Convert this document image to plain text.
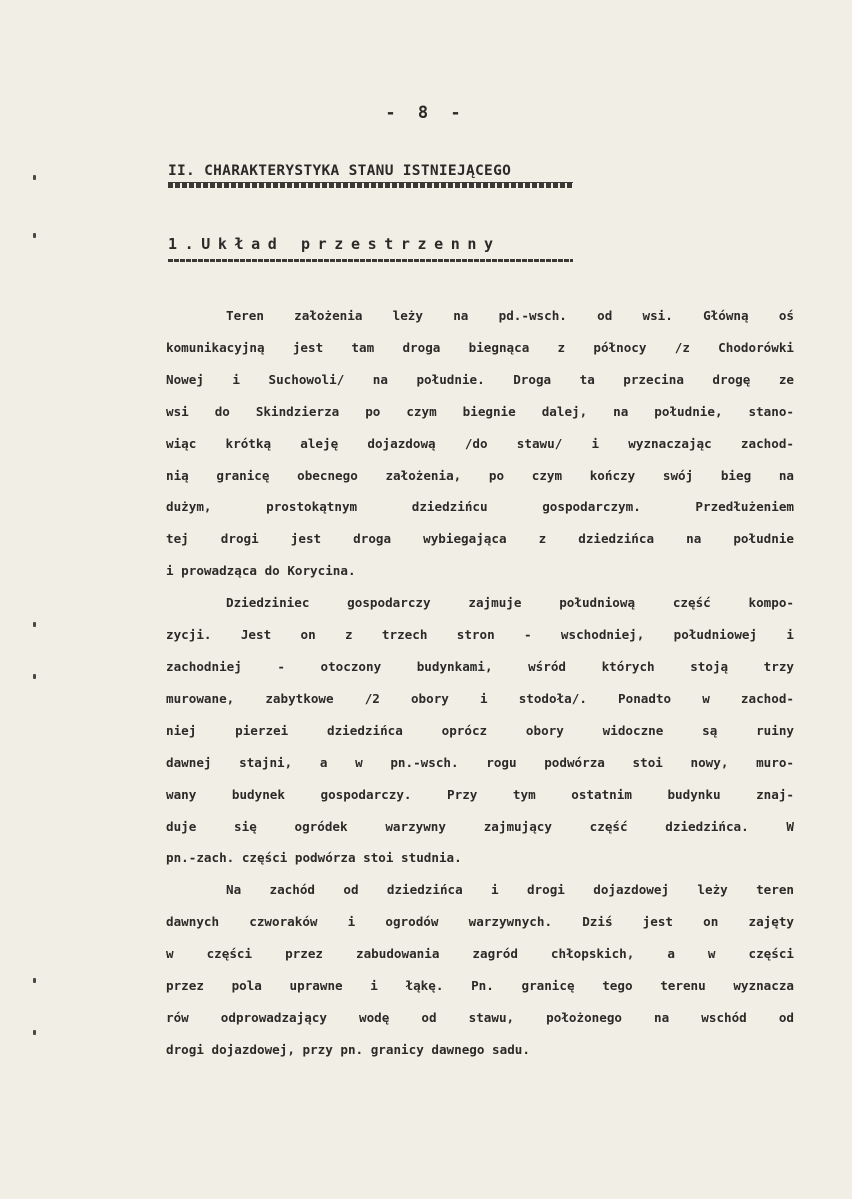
- 8 -
II. CHARAKTERYSTYKA STANU ISTNIEJĄCEGO
1.Układ przestrzenny

Teren założenia leży na pd.-wsch. od wsi. Główną oś
komunikacyjną jest tam droga biegnąca z północy /z Chodorówki
Nowej i Suchowoli/ na południe. Droga ta przecina drogę ze
wsi do Skindzierza po czym biegnie dalej, na południe, stano-
wiąc krótką aleję dojazdową /do stawu/ i wyznaczając zachod-
nią granicę obecnego założenia, po czym kończy swój bieg na
dużym, prostokątnym dziedzińcu gospodarczym. Przedłużeniem
tej drogi jest droga wybiegająca z dziedzińca na południe
i prowadząca do Korycina.

Dziedziniec gospodarczy zajmuje południową część kompo-
zycji. Jest on z trzech stron - wschodniej, południowej i
zachodniej - otoczony budynkami, wśród których stoją trzy
murowane, zabytkowe /2 obory i stodoła/. Ponadto w zachod-
niej pierzei dziedzińca oprócz obory widoczne są ruiny
dawnej stajni, a w pn.-wsch. rogu podwórza stoi nowy, muro-
wany budynek gospodarczy. Przy tym ostatnim budynku znaj-
duje się ogródek warzywny zajmujący część dziedzińca. W
pn.-zach. części podwórza stoi studnia.

Na zachód od dziedzińca i drogi dojazdowej leży teren
dawnych czworaków i ogrodów warzywnych. Dziś jest on zajęty
w części przez zabudowania zagród chłopskich, a w części
przez pola uprawne i łąkę. Pn. granicę tego terenu wyznacza
rów odprowadzający wodę od stawu, położonego na wschód od
drogi dojazdowej, przy pn. granicy dawnego sadu.
